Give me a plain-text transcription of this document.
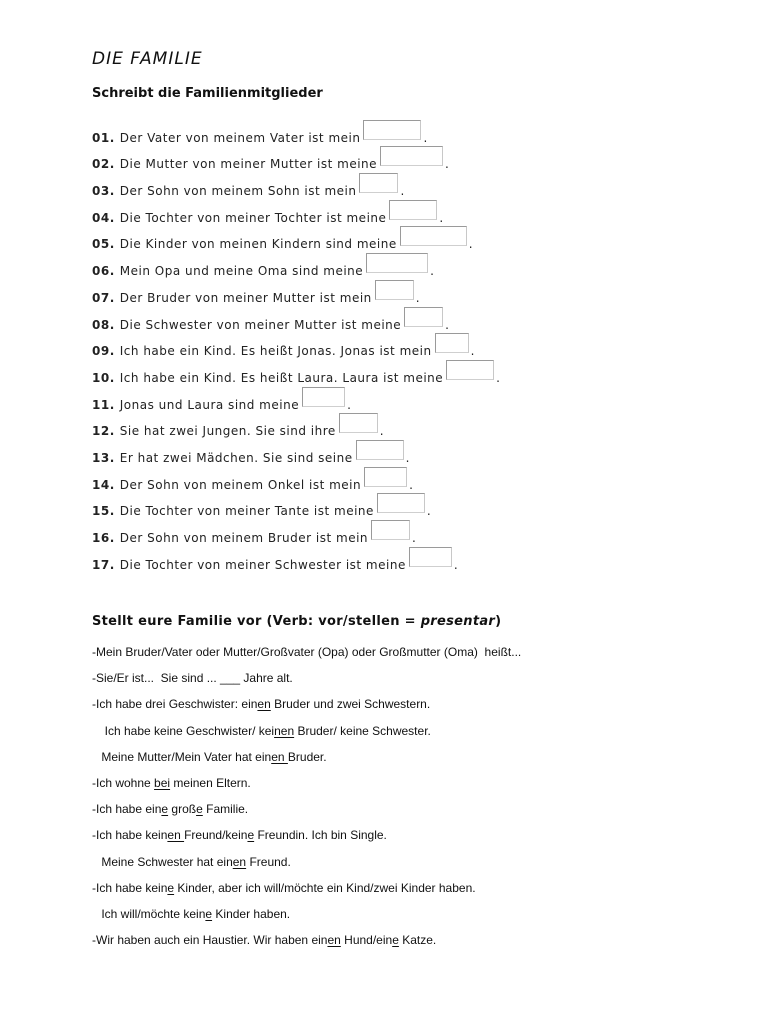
DIE FAMILIE
Schreibt die Familienmitglieder
01. Der Vater von meinem Vater ist mein	.
02. Die Mutter von meiner Mutter ist meine	.
03. Der Sohn von meinem Sohn ist mein	.
04. Die Tochter von meiner Tochter ist meine	.
05. Die Kinder von meinen Kindern sind meine	.
06. Mein Opa und meine Oma sind meine	.
07. Der Bruder von meiner Mutter ist mein	.
08. Die Schwester von meiner Mutter ist meine	.
09. Ich habe ein Kind. Es heißt Jonas. Jonas ist mein	.
10. Ich habe ein Kind. Es heißt Laura. Laura ist meine	.
11. Jonas und Laura sind meine	.
12. Sie hat zwei Jungen. Sie sind ihre	.
13. Er hat zwei Mädchen. Sie sind seine	.
14. Der Sohn von meinem Onkel ist mein	.
15. Die Tochter von meiner Tante ist meine	.
16. Der Sohn von meinem Bruder ist mein	.
17. Die Tochter von meiner Schwester ist meine	.
Stellt eure Familie vor (Verb: vor/stellen = presentar)
-Mein Bruder/Vater oder Mutter/Großvater (Opa) oder Großmutter (Oma)  heißt...
-Sie/Er ist...  Sie sind ... ___ Jahre alt.
-Ich habe drei Geschwister: einen Bruder und zwei Schwestern.
Ich habe keine Geschwister/ keinen Bruder/ keine Schwester.
Meine Mutter/Mein Vater hat einen Bruder.
-Ich wohne bei meinen Eltern.
-Ich habe eine große Familie.
-Ich habe keinen Freund/keine Freundin. Ich bin Single.
Meine Schwester hat einen Freund.
-Ich habe keine Kinder, aber ich will/möchte ein Kind/zwei Kinder haben.
Ich will/möchte keine Kinder haben.
-Wir haben auch ein Haustier. Wir haben einen Hund/eine Katze.
